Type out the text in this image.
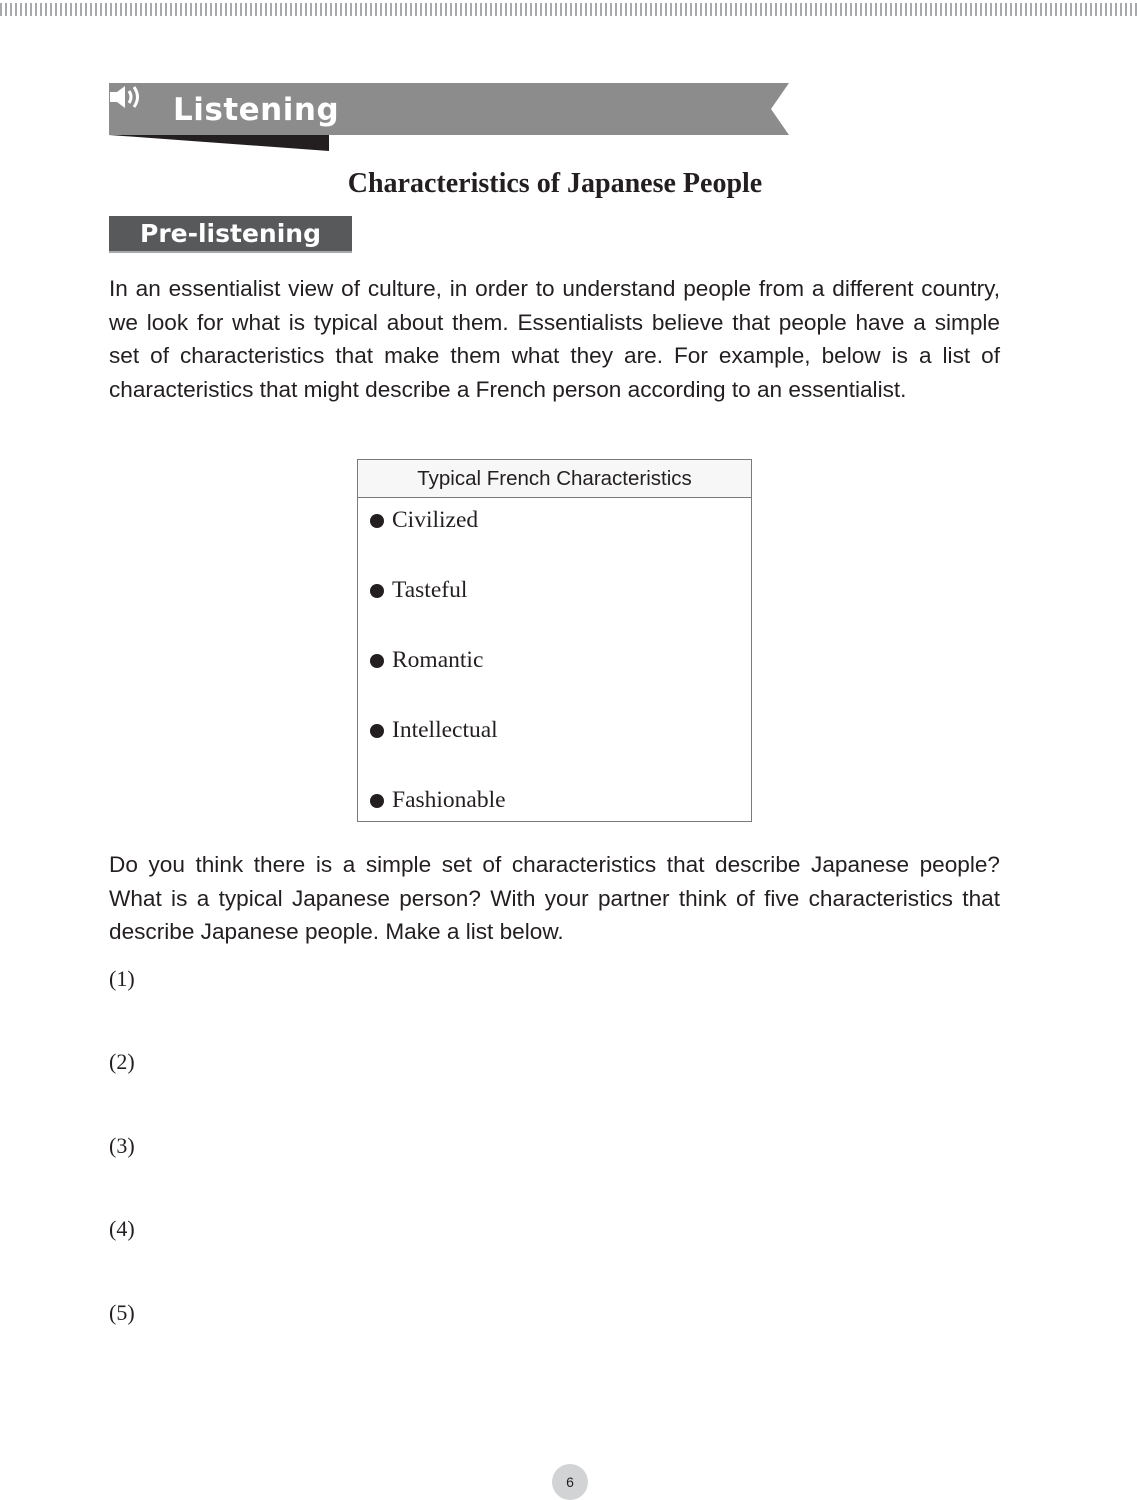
Listening
Characteristics of Japanese People
Pre-listening

In an essentialist view of culture, in order to understand people from a different country, we look for what is typical about them. Essentialists believe that people have a simple set of characteristics that make them what they are. For example, below is a list of characteristics that might describe a French person according to an essentialist.

Typical French Characteristics
Civilized
Tasteful
Romantic
Intellectual
Fashionable

Do you think there is a simple set of characteristics that describe Japanese people? What is a typical Japanese person? With your partner think of five characteristics that describe Japanese people. Make a list below.

(1)
(2)
(3)
(4)
(5)
6
